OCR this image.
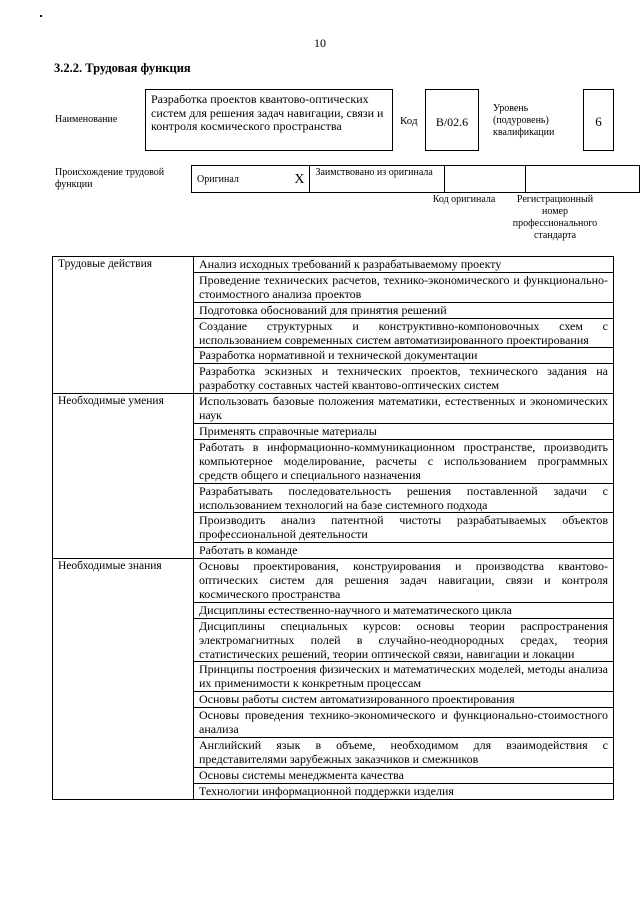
10
3.2.2. Трудовая функция
Наименование
Разработка проектов квантово-оптических систем для решения задач навигации, связи и контроля космического пространства	Код	В/02.6
Уровень (подуровень) квалификации
6
Происхождение трудовой функции	Оригинал	X	Заимствовано из оригинала		
Код оригинала	Регистрационный номер профессионального стандарта
Трудовые действия	Анализ исходных требований к разрабатываемому проекту
	Проведение технических расчетов, технико-экономического и функционально-стоимостного анализа проектов
	Подготовка обоснований для принятия решений
	Создание структурных и конструктивно-компоновочных схем с использованием современных систем автоматизированного проектирования
	Разработка нормативной и технической документации
	Разработка эскизных и технических проектов, технического задания на разработку составных частей квантово-оптических систем
Необходимые умения	Использовать базовые положения математики, естественных и экономических наук
	Применять справочные материалы
	Работать в информационно-коммуникационном пространстве, производить компьютерное моделирование, расчеты с использованием программных средств общего и специального назначения
	Разрабатывать последовательность решения поставленной задачи с использованием технологий на базе системного подхода
	Производить анализ патентной чистоты разрабатываемых объектов профессиональной деятельности
	Работать в команде
Необходимые знания	Основы проектирования, конструирования и производства квантово-оптических систем для решения задач навигации, связи и контроля космического пространства
	Дисциплины естественно-научного и математического цикла
	Дисциплины специальных курсов: основы теории распространения электромагнитных полей в случайно-неоднородных средах, теория статистических решений, теории оптической связи, навигации и локации
	Принципы построения физических и математических моделей, методы анализа их применимости к конкретным процессам
	Основы работы систем автоматизированного проектирования
	Основы проведения технико-экономического и функционально-стоимостного анализа
	Английский язык в объеме, необходимом для взаимодействия с представителями зарубежных заказчиков и смежников
	Основы системы менеджмента качества
	Технологии информационной поддержки изделия
